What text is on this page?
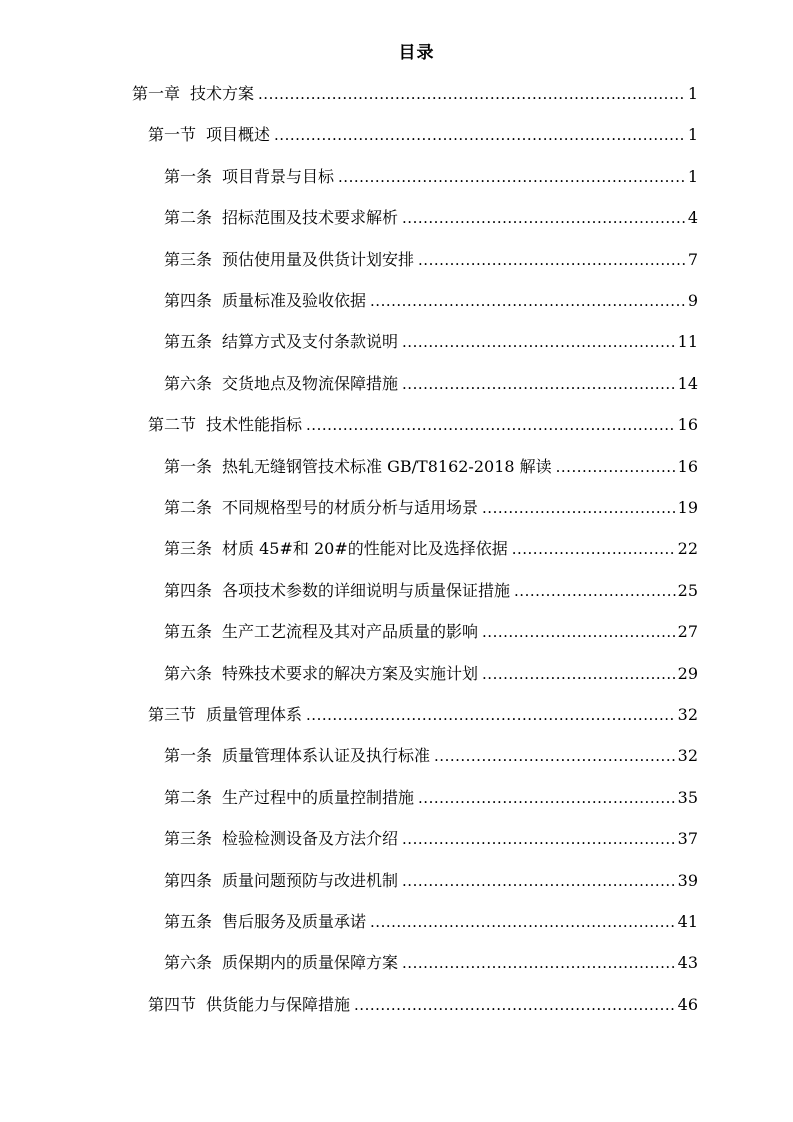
目录
第一章 技术方案 .....	1
第一节 项目概述 .....	1
第一条 项目背景与目标 .....	1
第二条 招标范围及技术要求解析 .....	4
第三条 预估使用量及供货计划安排 .....	7
第四条 质量标准及验收依据 .....	9
第五条 结算方式及支付条款说明 .....	11
第六条 交货地点及物流保障措施 .....	14
第二节 技术性能指标 .....	16
第一条 热轧无缝钢管技术标准 GB/T8162-2018 解读 .....	16
第二条 不同规格型号的材质分析与适用场景 .....	19
第三条 材质 45#和 20#的性能对比及选择依据 .....	22
第四条 各项技术参数的详细说明与质量保证措施 .....	25
第五条 生产工艺流程及其对产品质量的影响 .....	27
第六条 特殊技术要求的解决方案及实施计划 .....	29
第三节 质量管理体系 .....	32
第一条 质量管理体系认证及执行标准 .....	32
第二条 生产过程中的质量控制措施 .....	35
第三条 检验检测设备及方法介绍 .....	37
第四条 质量问题预防与改进机制 .....	39
第五条 售后服务及质量承诺 .....	41
第六条 质保期内的质量保障方案 .....	43
第四节 供货能力与保障措施 .....	46
